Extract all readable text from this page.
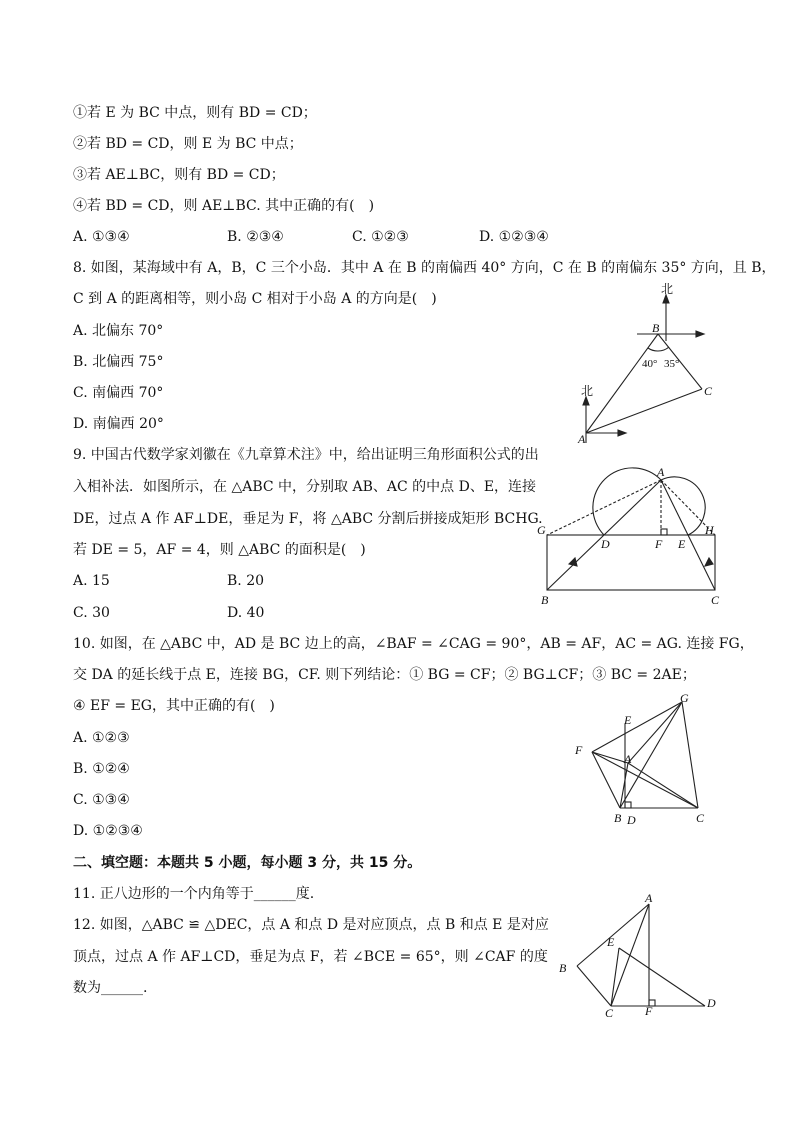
①若 E 为 BC 中点，则有 BD = CD；
②若 BD = CD，则 E 为 BC 中点；
③若 AE⊥BC，则有 BD = CD；
④若 BD = CD，则 AE⊥BC. 其中正确的有(　)
A. ①③④	B. ②③④	C. ①②③	D. ①②③④
8. 如图，某海域中有 A，B，C 三个小岛．其中 A 在 B 的南偏西 40° 方向，C 在 B 的南偏东 35° 方向，且 B，
C 到 A 的距离相等，则小岛 C 相对于小岛 A 的方向是(　)
A. 北偏东 70°
B. 北偏西 75°
C. 南偏西 70°
D. 南偏西 20°
北
B
40° 35°
北
A
C
9. 中国古代数学家刘徽在《九章算术注》中，给出证明三角形面积公式的出
入相补法．如图所示，在 △ABC 中，分别取 AB、AC 的中点 D、E，连接
DE，过点 A 作 AF⊥DE，垂足为 F，将 △ABC 分割后拼接成矩形 BCHG.
若 DE = 5，AF = 4，则 △ABC 的面积是(　)
A. 15	B. 20
C. 30	D. 40
A
G	H
D	F E
B	C
10. 如图，在 △ABC 中，AD 是 BC 边上的高，∠BAF = ∠CAG = 90°，AB = AF，AC = AG. 连接 FG，
交 DA 的延长线于点 E，连接 BG，CF. 则下列结论：① BG = CF；② BG⊥CF；③ BC = 2AE；
④ EF = EG，其中正确的有(　)
A. ①②③
B. ①②④
C. ①③④
D. ①②③④
G
E
F
A
B D	C
二、填空题：本题共 5 小题，每小题 3 分，共 15 分。
11. 正八边形的一个内角等于______度.
12. 如图，△ABC ≌ △DEC，点 A 和点 D 是对应顶点，点 B 和点 E 是对应
顶点，过点 A 作 AF⊥CD，垂足为点 F，若 ∠BCE = 65°，则 ∠CAF 的度
数为______.
A
E
B
C	F
D
